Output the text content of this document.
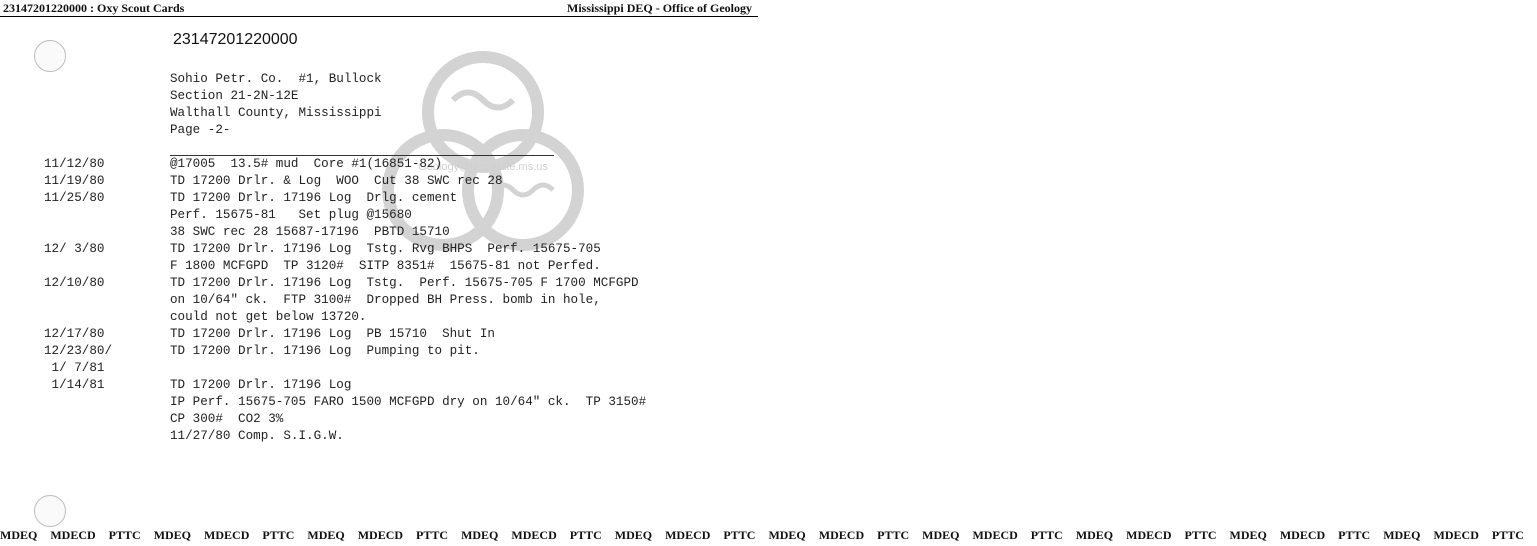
23147201220000 : Oxy Scout Cards	Mississippi DEQ - Office of Geology
Geology@deq.state.ms.us
23147201220000
Sohio Petr. Co.  #1, Bullock
Section 21-2N-12E
Walthall County, Mississippi
Page -2-
11/12/80	@17005  13.5# mud  Core #1(16851-82)
11/19/80	TD 17200 Drlr. & Log  WOO  Cut 38 SWC rec 28
11/25/80	TD 17200 Drlr. 17196 Log  Drlg. cement
Perf. 15675-81   Set plug @15680
38 SWC rec 28 15687-17196  PBTD 15710
12/ 3/80	TD 17200 Drlr. 17196 Log  Tstg. Rvg BHPS  Perf. 15675-705
F 1800 MCFGPD  TP 3120#  SITP 8351#  15675-81 not Perfed.
12/10/80	TD 17200 Drlr. 17196 Log  Tstg.  Perf. 15675-705 F 1700 MCFGPD
on 10/64" ck.  FTP 3100#  Dropped BH Press. bomb in hole,
could not get below 13720.
12/17/80	TD 17200 Drlr. 17196 Log  PB 15710  Shut In
12/23/80/	TD 17200 Drlr. 17196 Log  Pumping to pit.
1/ 7/81
1/14/81	TD 17200 Drlr. 17196 Log
IP Perf. 15675-705 FARO 1500 MCFGPD dry on 10/64" ck.  TP 3150#
CP 300#  CO2 3%
11/27/80 Comp. S.I.G.W.
MDEQ MDECD PTTC MDEQ MDECD PTTC MDEQ MDECD PTTC MDEQ MDECD PTTC MDEQ MDECD PTTC MDEQ MDECD PTTC MDEQ MDECD PTTC MDEQ MDECD PTTC MDEQ MDECD PTTC MDEQ MDECD PTTC
